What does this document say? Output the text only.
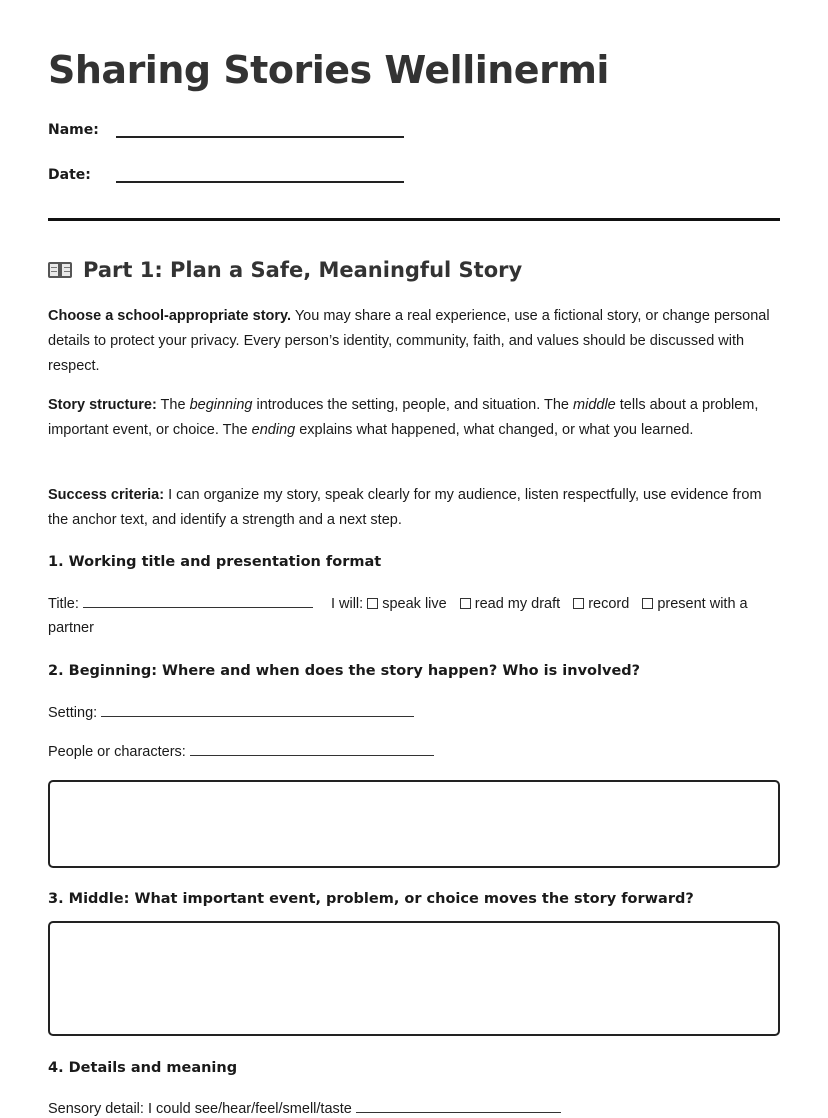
Sharing Stories Wellinermi
Name:
Date:
Part 1: Plan a Safe, Meaningful Story

Choose a school-appropriate story. You may share a real experience, use a fictional story, or change personal details to protect your privacy. Every person’s identity, community, faith, and values should be discussed with respect.

Story structure: The beginning introduces the setting, people, and situation. The middle tells about a problem, important event, or choice. The ending explains what happened, what changed, or what you learned.

Success criteria: I can organize my story, speak clearly for my audience, listen respectfully, use evidence from the anchor text, and identify a strength and a next step.

1. Working title and presentation format
Title:	I will: speak live read my draft record present with a partner
2. Beginning: Where and when does the story happen? Who is involved?
Setting:
People or characters:
3. Middle: What important event, problem, or choice moves the story forward?
4. Details and meaning
Sensory detail: I could see/hear/feel/smell/taste
